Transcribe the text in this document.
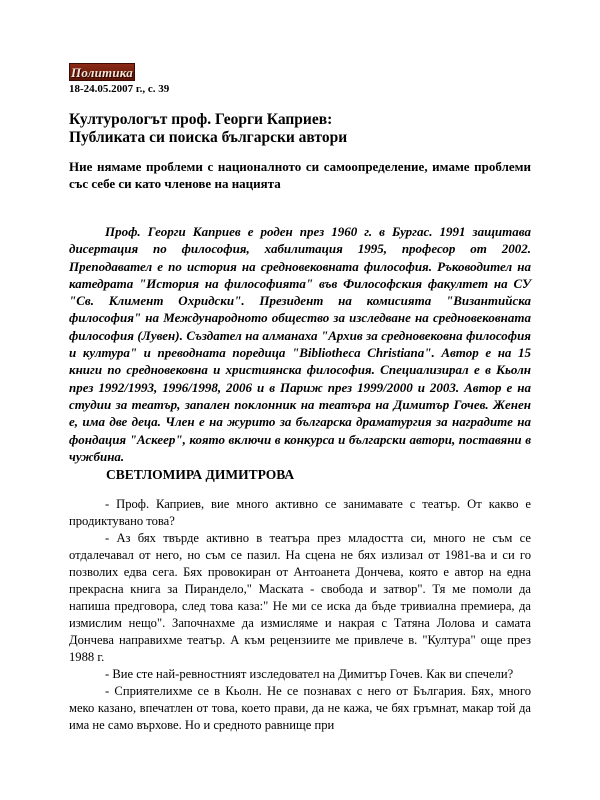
Политика
18-24.05.2007 г., с. 39
Културологът проф. Георги Каприев:
Публиката си поиска български автори
Ние нямаме проблеми с националното си самоопределение, имаме проблеми със себе си като членове на нацията

Проф. Георги Каприев е роден през 1960 г. в Бургас. 1991 защитава дисертация по философия, хабилитация 1995, професор от 2002. Преподавател е по история на средновековната философия. Ръководител на катедрата "История на философията" във Философския факултет на СУ "Св. Климент Охридски". Президент на комисията "Византийска философия" на Международното общество за изследване на средновековната философия (Лувен). Създател на алманаха "Архив за средновековна философия и култура" и преводната поредица "Bibliotheca Christiana". Автор е на 15 книги по средновековна и християнска философия. Специализирал е в Кьолн през 1992/1993, 1996/1998, 2006 и в Париж през 1999/2000 и 2003. Автор е на студии за театър, запален поклонник на театъра на Димитър Гочев. Женен е, има две деца. Член е на журито за българска драматургия за наградите на фондация "Аскеер", която включи в конкурса и български автори, поставяни в чужбина.

СВЕТЛОМИРА ДИМИТРОВА

- Проф. Каприев, вие много активно се занимавате с театър. От какво е продиктувано това?

- Аз бях твърде активно в театъра през младостта си, много не съм се отдалечавал от него, но съм се пазил. На сцена не бях излизал от 1981-ва и си го позволих едва сега. Бях провокиран от Антоанета Дончева, която е автор на една прекрасна книга за Пирандело," Маската - свобода и затвор". Тя ме помоли да напиша предговора, след това каза:" Не ми се иска да бъде тривиална премиера, да измислим нещо". Започнахме да измисляме и накрая с Татяна Лолова и самата Дончева направихме театър. А към рецензиите ме привлече в. "Култура" още през 1988 г.

- Вие сте най-ревностният изследовател на Димитър Гочев. Как ви спечели?

- Сприятелихме се в Кьолн. Не се познавах с него от България. Бях, много меко казано, впечатлен от това, което прави, да не кажа, че бях гръмнат, макар той да има не само върхове. Но и средното равнище при
